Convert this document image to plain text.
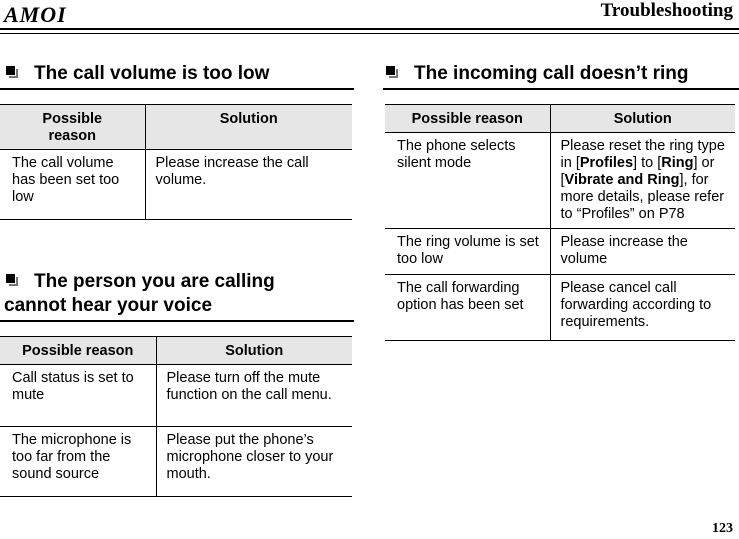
AMOI	Troubleshooting
The call volume is too low
Possible reason	Solution
The call volume has been set too low	Please increase the call volume.
The person you are calling cannot hear your voice
Possible reason	Solution
Call status is set to mute	Please turn off the mute function on the call menu.
The microphone is too far from the sound source	Please put the phone’s microphone closer to your mouth.
The incoming call doesn’t ring
Possible reason	Solution
The phone selects silent mode	Please reset the ring type in [Profiles] to [Ring] or [Vibrate and Ring], for more details, please refer to “Profiles” on P78
The ring volume is set too low	Please increase the volume
The call forwarding option has been set	Please cancel call forwarding according to requirements.
123
